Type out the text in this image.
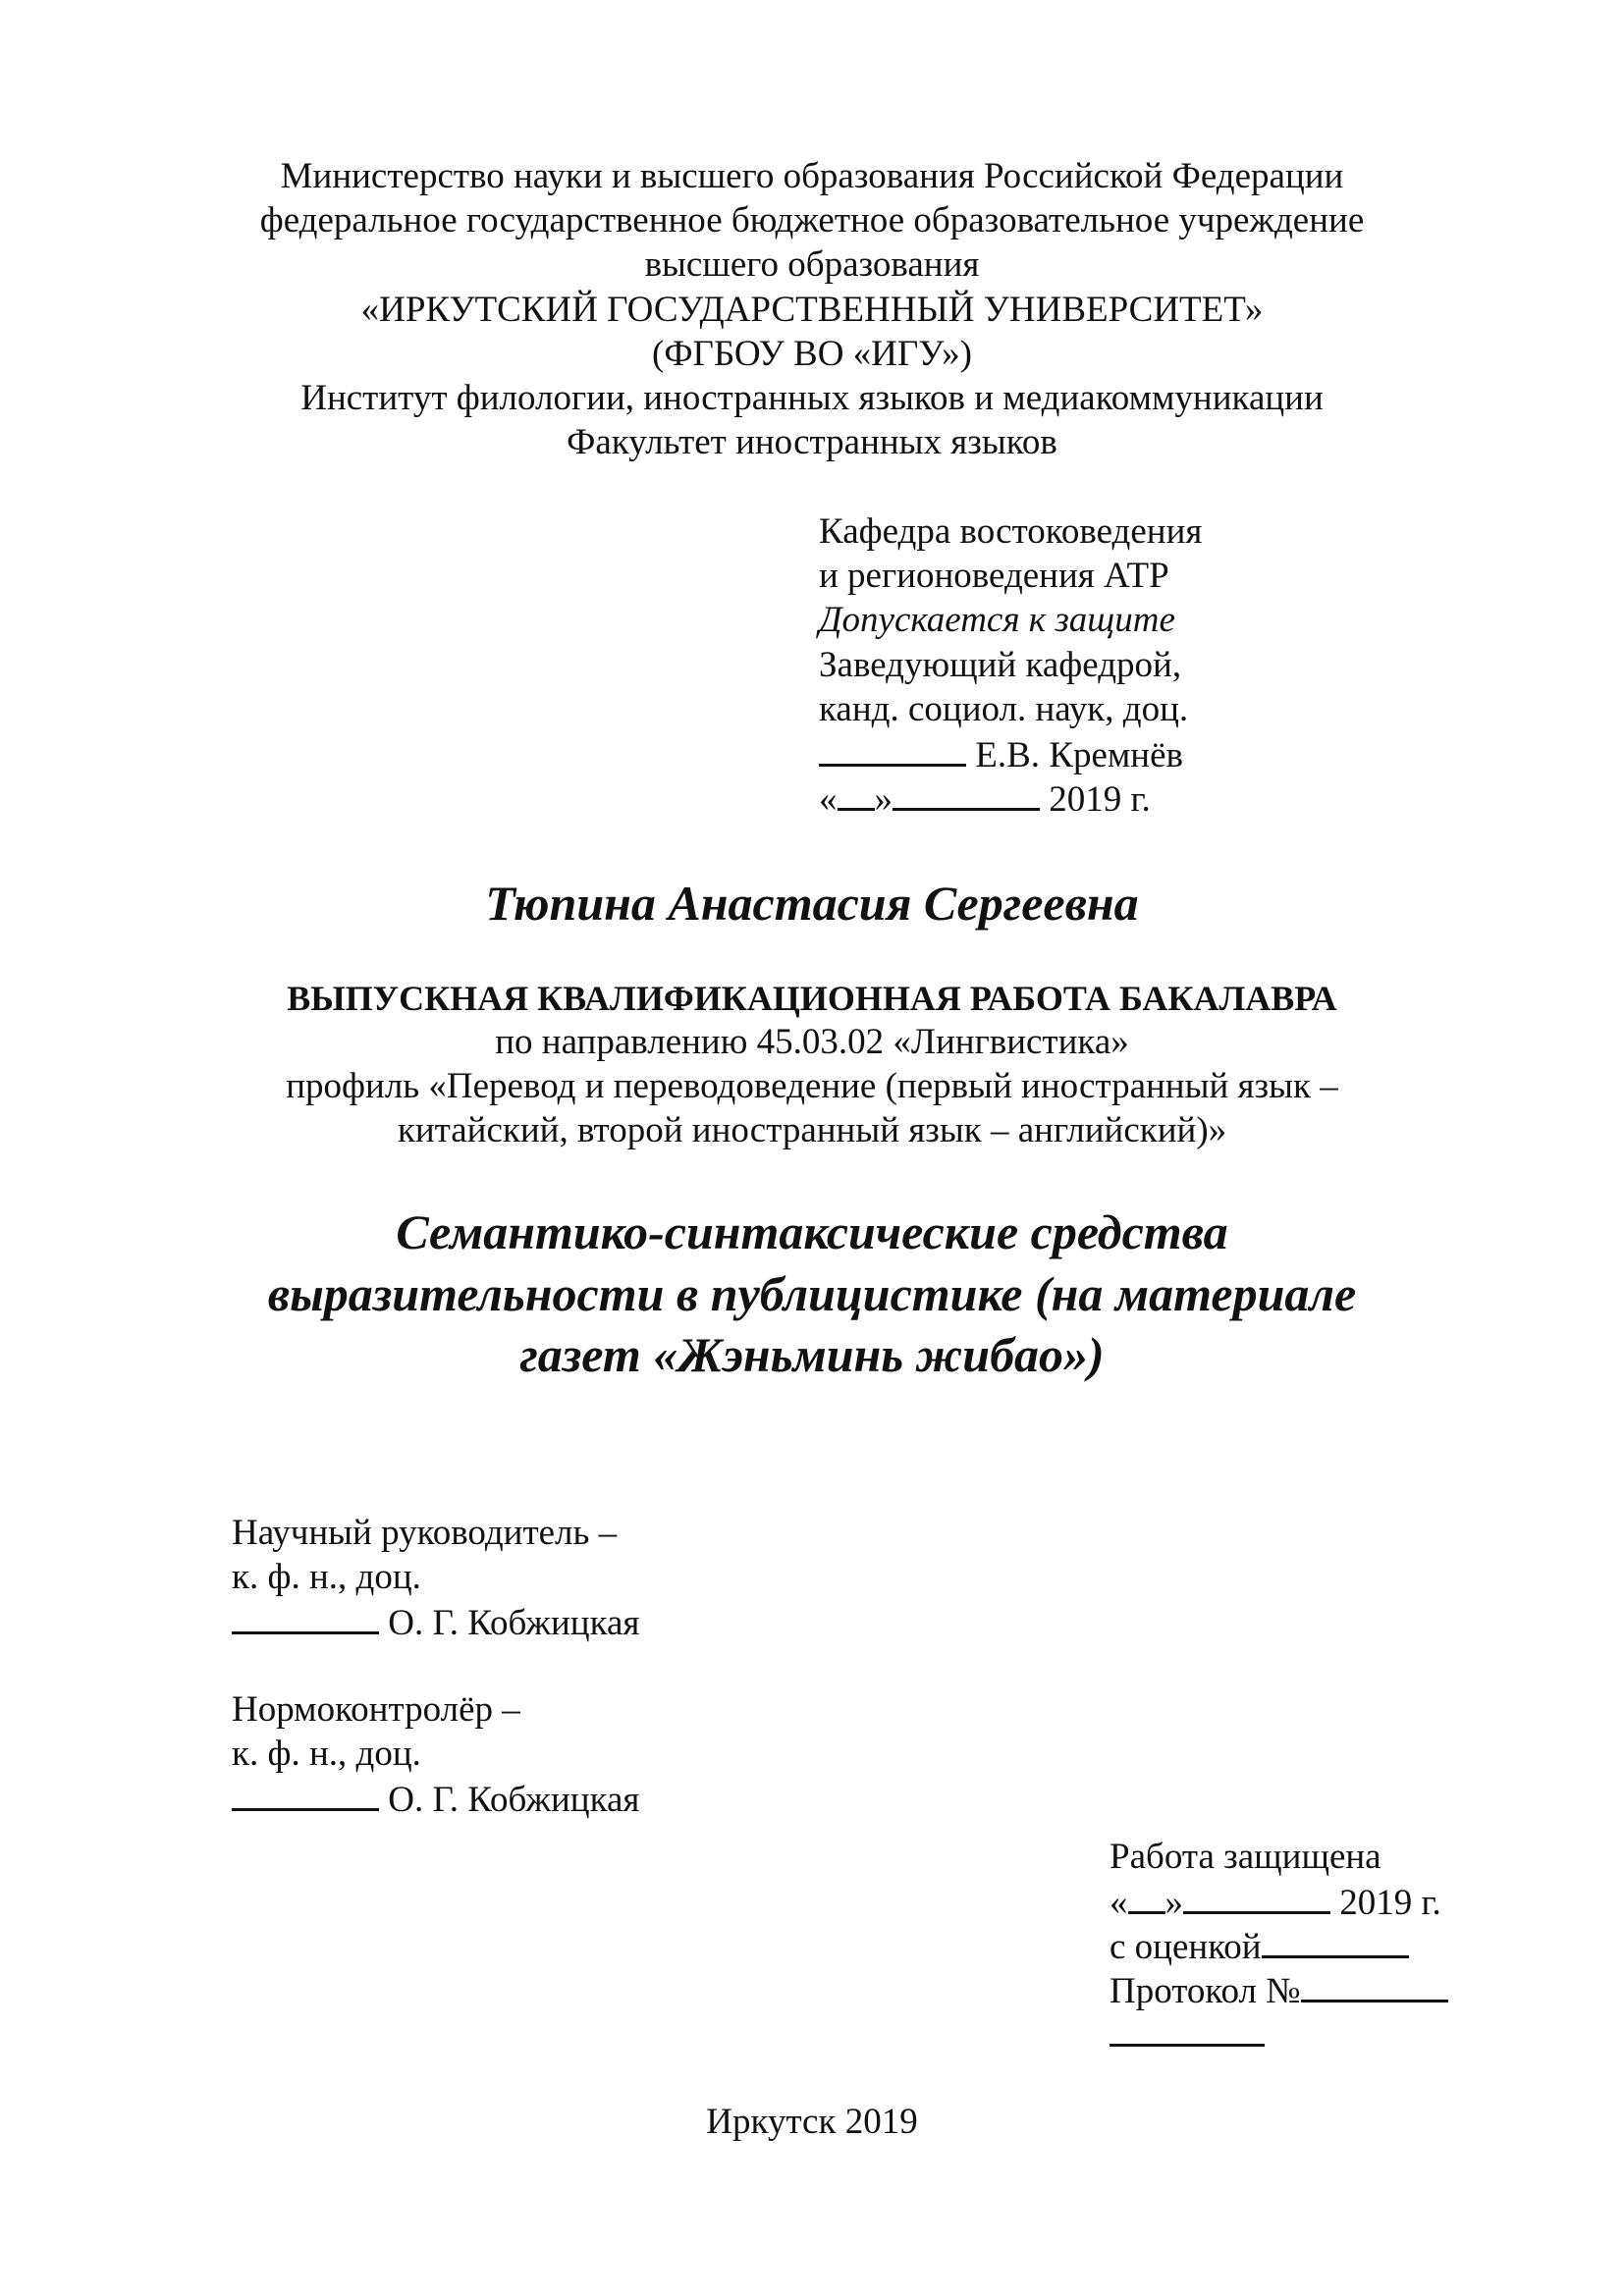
Министерство науки и высшего образования Российской Федерации
федеральное государственное бюджетное образовательное учреждение
высшего образования
«ИРКУТСКИЙ ГОСУДАРСТВЕННЫЙ УНИВЕРСИТЕТ»
(ФГБОУ ВО «ИГУ»)
Институт филологии, иностранных языков и медиакоммуникации
Факультет иностранных языков
Кафедра востоковедения
и регионоведения АТР
Допускается к защите
Заведующий кафедрой,
канд. социол. наук, доц.
Е.В. Кремнёв
« »	2019 г.
Тюпина Анастасия Сергеевна
ВЫПУСКНАЯ КВАЛИФИКАЦИОННАЯ РАБОТА БАКАЛАВРА
по направлению 45.03.02 «Лингвистика»
профиль «Перевод и переводоведение (первый иностранный язык –
китайский, второй иностранный язык – английский)»
Семантико-синтаксические средства
выразительности в публицистике (на материале
газет «Жэньминь жибао»)
Научный руководитель –
к. ф. н., доц.
О. Г. Кобжицкая
Нормоконтролёр –
к. ф. н., доц.
О. Г. Кобжицкая
Работа защищена
« »	2019 г.
с оценкой
Протокол №
Иркутск 2019
